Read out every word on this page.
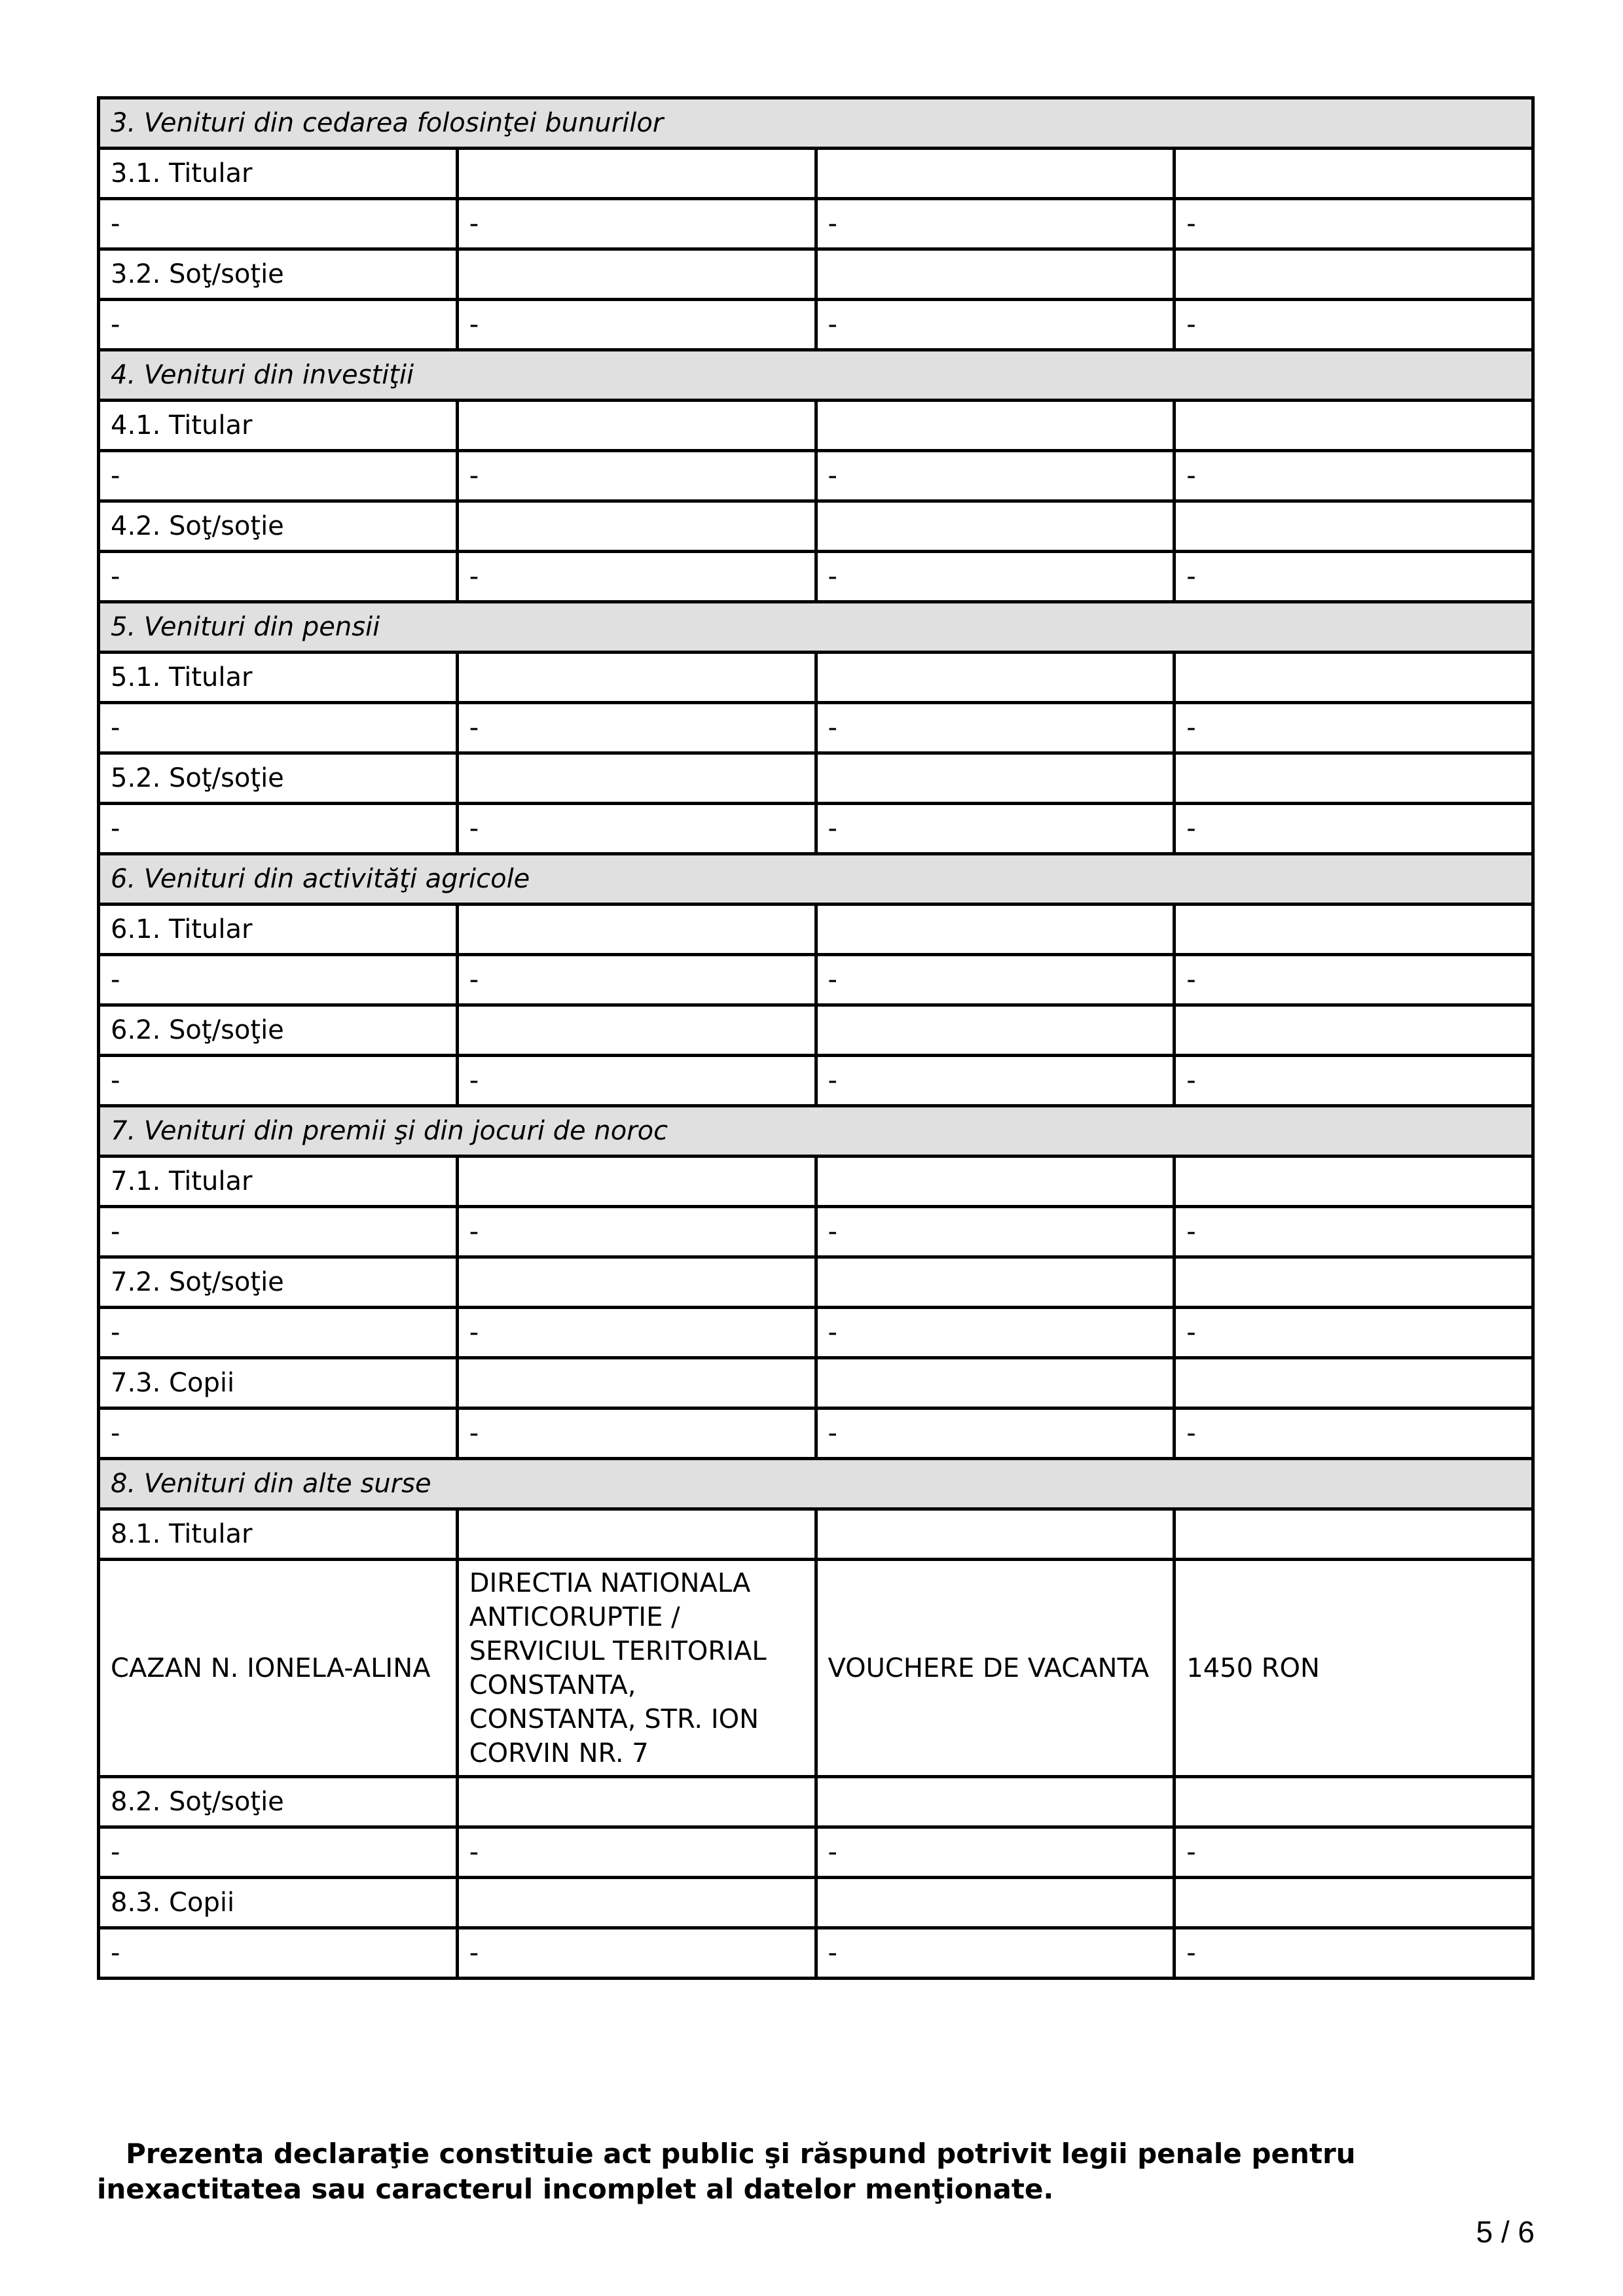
3. Venituri din cedarea folosinţei bunurilor			
3.1. Titular			
-	-	-	-
3.2. Soţ/soţie			
-	-	-	-
4. Venituri din investiţii			
4.1. Titular			
-	-	-	-
4.2. Soţ/soţie			
-	-	-	-
5. Venituri din pensii			
5.1. Titular			
-	-	-	-
5.2. Soţ/soţie			
-	-	-	-
6. Venituri din activităţi agricole			
6.1. Titular			
-	-	-	-
6.2. Soţ/soţie			
-	-	-	-
7. Venituri din premii şi din jocuri de noroc			
7.1. Titular			
-	-	-	-
7.2. Soţ/soţie			
-	-	-	-
7.3. Copii			
-	-	-	-
8. Venituri din alte surse			
8.1. Titular			
CAZAN N. IONELA-ALINA	DIRECTIA NATIONALA ANTICORUPTIE / SERVICIUL TERITORIAL CONSTANTA, CONSTANTA, STR. ION CORVIN NR. 7	VOUCHERE DE VACANTA	1450 RON
8.2. Soţ/soţie			
-	-	-	-
8.3. Copii			
-	-	-	-
Prezenta declaraţie constituie act public şi răspund potrivit legii penale pentru inexactitatea sau caracterul incomplet al datelor menţionate.
5 / 6
